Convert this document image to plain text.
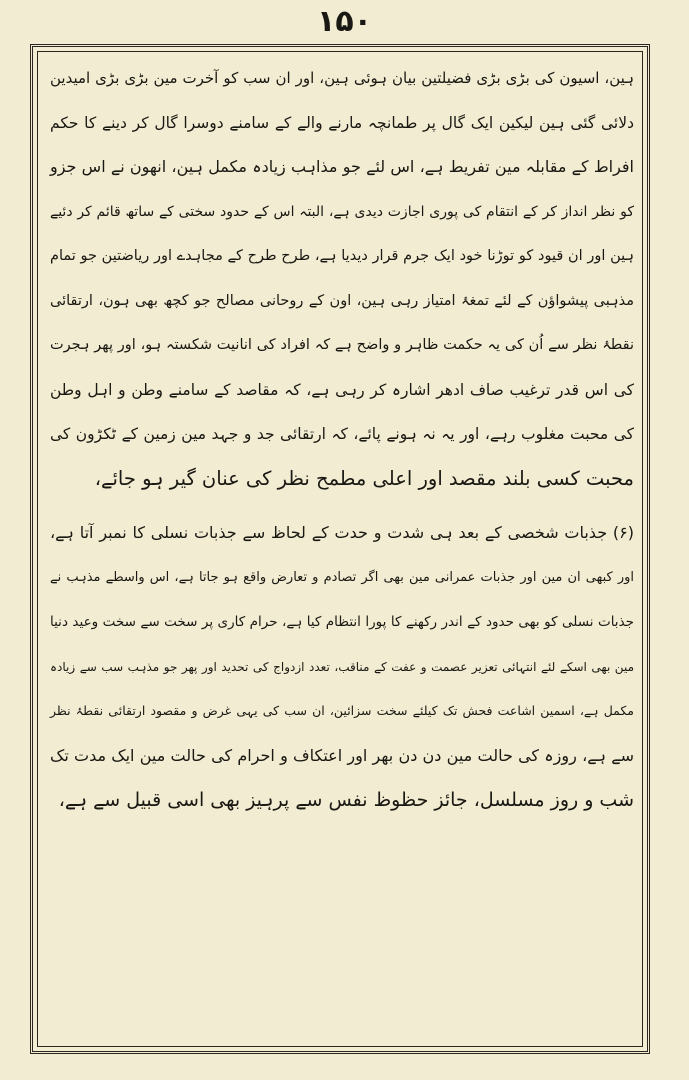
۱۵۰
ہین، اسیون کی بڑی بڑی فضیلتین بیان ہوئی ہین، اور ان سب کو آخرت مین بڑی بڑی امیدین
دلائی گئی ہین لیکین ایک گال پر طمانچہ مارنے والے کے سامنے دوسرا گال کر دینے کا حکم
افراط کے مقابلہ مین تفریط ہے، اس لئے جو مذاہب زیادہ مکمل ہین، انھون نے اس جزو
کو نظر انداز کر کے انتقام کی پوری اجازت دیدی ہے، البتہ اس کے حدود سختی کے ساتھ قائم کر دئیے
ہین اور ان قیود کو توڑنا خود ایک جرم قرار دیدیا ہے، طرح طرح کے مجاہدے اور ریاضتین جو تمام
مذہبی پیشواؤن کے لئے تمغۂ امتیاز رہی ہین، اون کے روحانی مصالح جو کچھ بھی ہون، ارتقائی
نقطۂ نظر سے اُن کی یہ حکمت ظاہر و واضح ہے کہ افراد کی انانیت شکستہ ہو، اور پھر ہجرت
کی اس قدر ترغیب صاف ادھر اشارہ کر رہی ہے، کہ مقاصد کے سامنے وطن و اہل وطن
کی محبت مغلوب رہے، اور یہ نہ ہونے پائے، کہ ارتقائی جد و جہد مین زمین کے ٹکڑون کی
محبت کسی بلند مقصد اور اعلی مطمح نظر کی عنان گیر ہو جائے،
(۶) جذبات شخصی کے بعد ہی شدت و حدت کے لحاظ سے جذبات نسلی کا نمبر آتا ہے،
اور کبھی ان مین اور جذبات عمرانی مین بھی اگر تصادم و تعارض واقع ہو جاتا ہے، اس واسطے مذہب نے
جذبات نسلی کو بھی حدود کے اندر رکھنے کا پورا انتظام کیا ہے، حرام کاری پر سخت سے سخت وعید دنیا
مین بھی اسکے لئے انتہائی تعزیر عصمت و عفت کے مناقب، تعدد ازدواج کی تحدید اور پھر جو مذہب سب سے زیادہ
مکمل ہے، اسمین اشاعت فحش تک کیلئے سخت سزائین، ان سب کی یہی غرض و مقصود ارتقائی نقطۂ نظر
سے ہے، روزہ کی حالت مین دن دن بھر اور اعتکاف و احرام کی حالت مین ایک مدت تک
شب و روز مسلسل، جائز حظوظ نفس سے پرہیز بھی اسی قبیل سے ہے،
